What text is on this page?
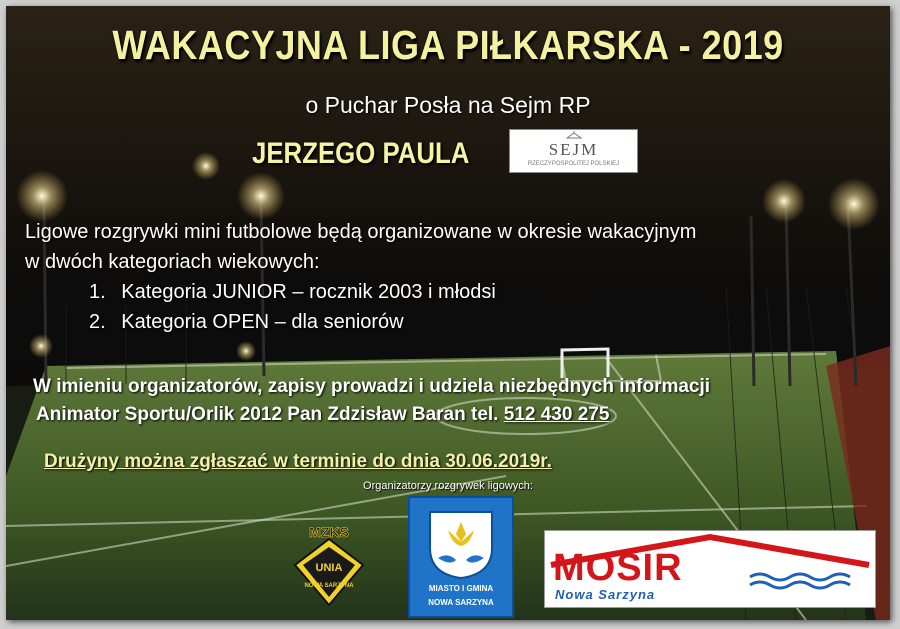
WAKACYJNA LIGA PIŁKARSKA - 2019
o Puchar Posła na Sejm RP
JERZEGO PAULA	SEJM
RZECZYPOSPOLITEJ POLSKIEJ
Ligowe rozgrywki mini futbolowe będą organizowane w okresie wakacyjnym
w dwóch kategoriach wiekowych:
1. Kategoria JUNIOR – rocznik 2003 i młodsi
2. Kategoria OPEN – dla seniorów
W imieniu organizatorów, zapisy prowadzi i udziela niezbędnych informacji
Animator Sportu/Orlik 2012 Pan Zdzisław Baran tel. 512 430 275
Drużyny można zgłaszać w terminie do dnia 30.06.2019r.
Organizatorzy rozgrywek ligowych:
MZKS
UNIA
NOWA SARZYNA	MIASTO I GMINA
NOWA SARZYNA
MOSIR
Nowa Sarzyna
